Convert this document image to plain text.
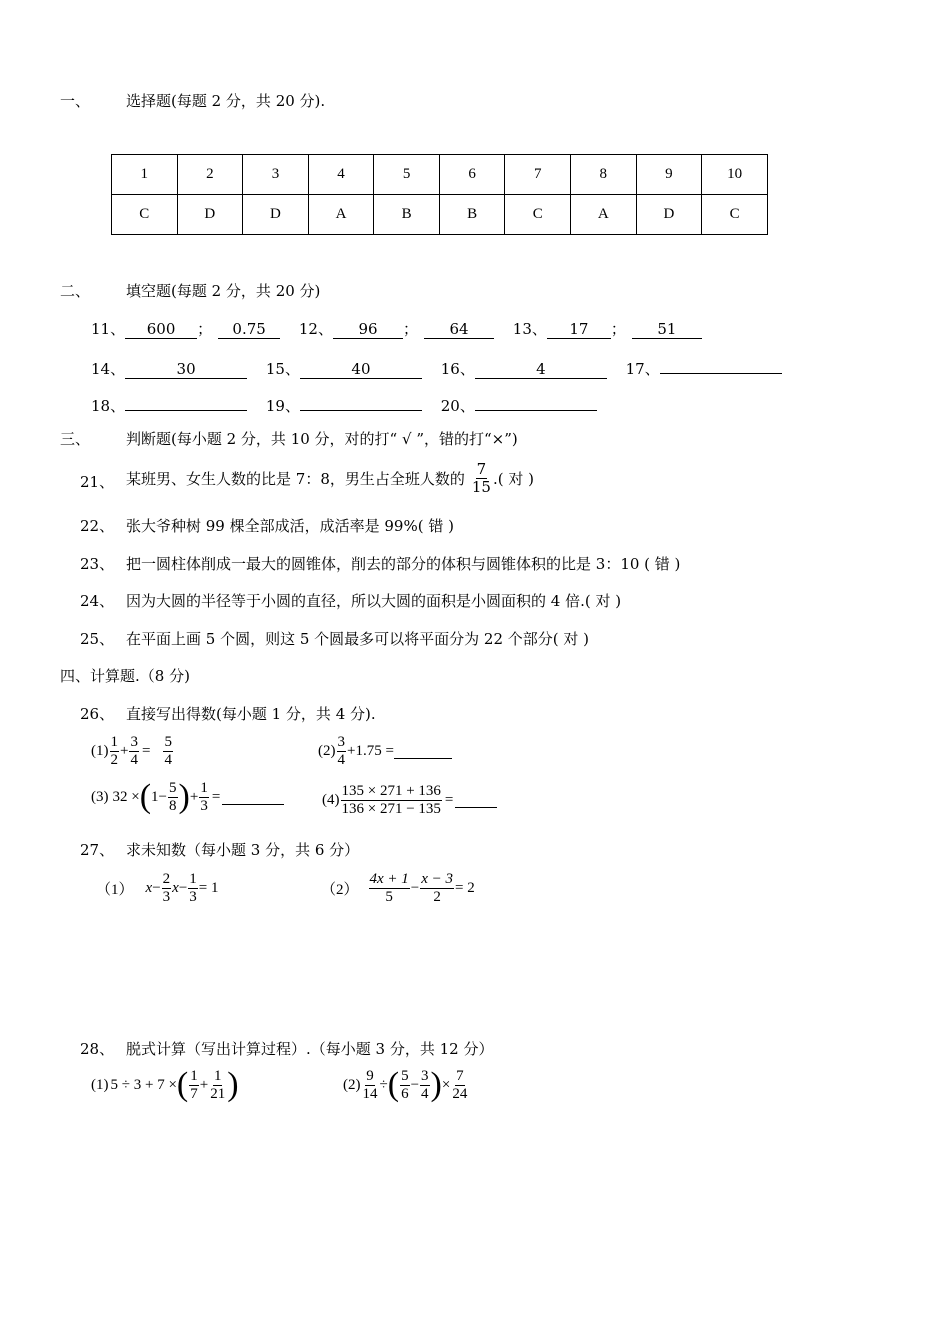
一、 选择题(每题 2 分，共 20 分).
1	2	3	4	5	6	7	8	9	10
C	D	D	A	B	B	C	A	D	C
二、 填空题(每题 2 分，共 20 分)
11、 600 ； 0.75 12、 96 ； 64	13、 17 ； 51
14、	30	15、	40	16、	4	17、
18、	19、	20、
三、 判断题(每小题 2 分，共 10 分，对的打“ √ ”，错的打“×”)
21、 某班男、女生人数的比是 7：8，男生占全班人数的 $\frac{7}{15}$ .( 对 )
22、 张大爷种树 99 棵全部成活，成活率是 99%( 错 )
23、 把一圆柱体削成一最大的圆锥体，削去的部分的体积与圆锥体积的比是 3：10 ( 错 )
24、 因为大圆的半径等于小圆的直径，所以大圆的面积是小圆面积的 4 倍.( 对 )
25、 在平面上画 5 个圆，则这 5 个圆最多可以将平面分为 22 个部分( 对 )
四、计算题.（8 分)
26、 直接写出得数(每小题 1 分，共 4 分).
$(1) \frac{1}{2} + \frac{3}{4} = \frac{5}{4}$	$(2) \frac{3}{4} +1.75$ =
(3) 32 × ( $1 - \frac{5}{8}$ ) + $\frac{1}{3}$ =	$(4) \frac{135 \times 271 + 136}{136 \times 271 - 135}$ =
27、 求未知数（每小题 3 分，共 6 分）
（1） $x - \frac{2}{3}$ $x - \frac{1}{3} = 1$	$(2) \frac{4x + 1}{5} - \frac{x - 3}{2} = 2$
28、 脱式计算（写出计算过程）.（每小题 3 分，共 12 分）
(1) 5 ÷ 3 + 7 × ( $\frac{1}{7} + \frac{1}{21}$ )	$(2) \frac{9}{14}$ ÷ ( $\frac{5}{6} - \frac{3}{4}$ ) × $\frac{7}{24}$
